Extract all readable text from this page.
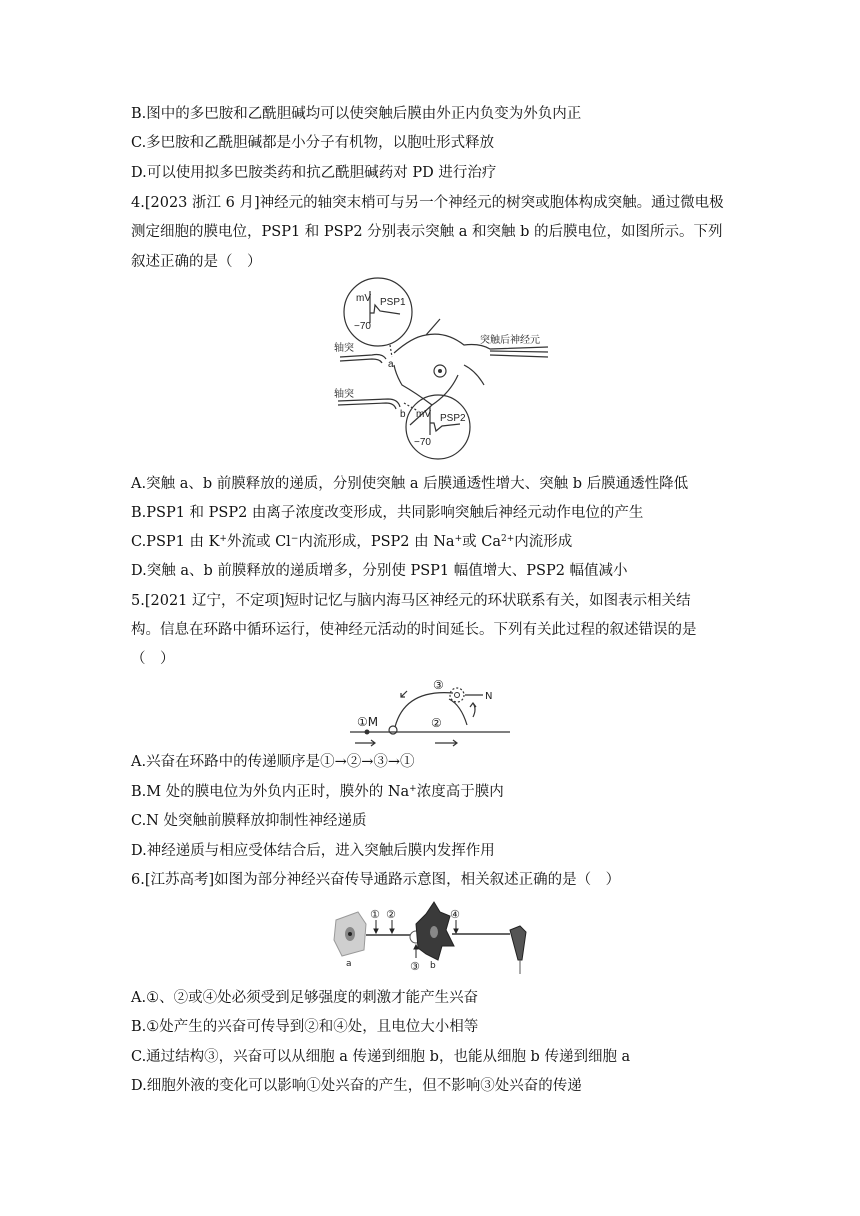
B.图中的多巴胺和乙酰胆碱均可以使突触后膜由外正内负变为外负内正
C.多巴胺和乙酰胆碱都是小分子有机物，以胞吐形式释放
D.可以使用拟多巴胺类药和抗乙酰胆碱药对 PD 进行治疗
4.[2023 浙江 6 月]神经元的轴突末梢可与另一个神经元的树突或胞体构成突触。通过微电极
测定细胞的膜电位，PSP1 和 PSP2 分别表示突触 a 和突触 b 的后膜电位，如图所示。下列
叙述正确的是（　）
mV
−70
PSP1
mV
−70
PSP2
轴突
轴突
a
b
突触后神经元
A.突触 a、b 前膜释放的递质，分别使突触 a 后膜通透性增大、突触 b 后膜通透性降低
B.PSP1 和 PSP2 由离子浓度改变形成，共同影响突触后神经元动作电位的产生
C.PSP1 由 K+外流或 Cl−内流形成，PSP2 由 Na+或 $Ca^{2+}$内流形成
D.突触 a、b 前膜释放的递质增多，分别使 PSP1 幅值增大、PSP2 幅值减小
5.[2021 辽宁，不定项]短时记忆与脑内海马区神经元的环状联系有关，如图表示相关结
构。信息在环路中循环运行，使神经元活动的时间延长。下列有关此过程的叙述错误的是
（　）
①M	②
③
N
A.兴奋在环路中的传递顺序是①→②→③→①
B.M 处的膜电位为外负内正时，膜外的 Na+浓度高于膜内
C.N 处突触前膜释放抑制性神经递质
D.神经递质与相应受体结合后，进入突触后膜内发挥作用
6.[江苏高考]如图为部分神经兴奋传导通路示意图，相关叙述正确的是（　）
① ②
③
④
a	b
A.①、②或④处必须受到足够强度的刺激才能产生兴奋
B.①处产生的兴奋可传导到②和④处，且电位大小相等
C.通过结构③，兴奋可以从细胞 a 传递到细胞 b，也能从细胞 b 传递到细胞 a
D.细胞外液的变化可以影响①处兴奋的产生，但不影响③处兴奋的传递
